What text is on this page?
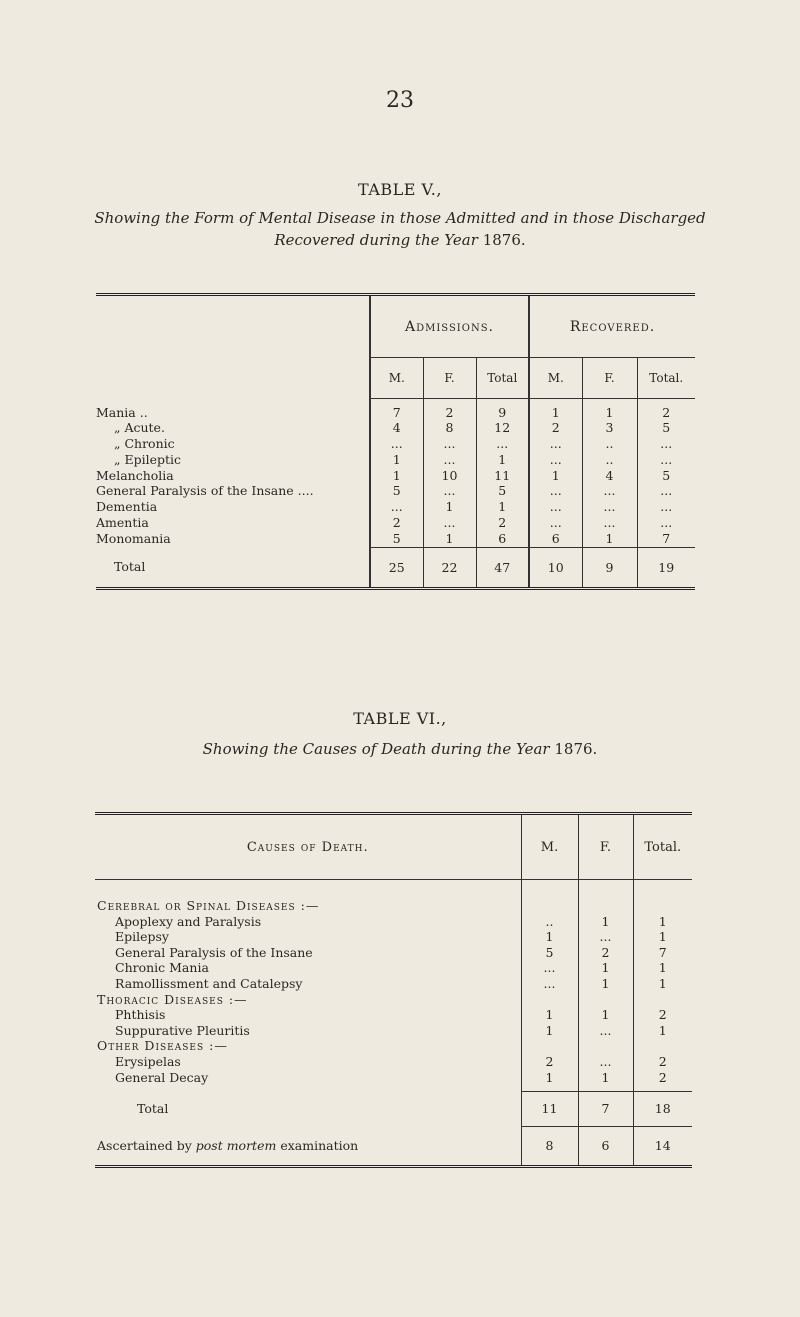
23
TABLE V.,
Showing the Form of Mental Disease in those Admitted and in those Discharged
Recovered during the Year 1876.
	Admissions.			Recovered.		
	M.	F.	Total	M.	F.	Total.

Mania ..	7	2	9	1	1	2
„ Acute.	4	8	12	2	3	5
„ Chronic	...	...	...	...	..	...
„ Epileptic	1	...	1	...	..	...
Melancholia	1	10	11	1	4	5
General Paralysis of the Insane ....	5	...	5	...	...	...
Dementia	...	1	1	...	...	...
Amentia	2	...	2	...	...	...
Monomania	5	1	6	6	1	7
Total	25	22	47	10	9	19
TABLE VI.,
Showing the Causes of Death during the Year 1876.
Causes of Death.	M.	F.	Total.

Cerebral or Spinal Diseases :—			
Apoplexy and Paralysis	..	1	1
Epilepsy	1	...	1
General Paralysis of the Insane	5	2	7
Chronic Mania	...	1	1
Ramollissment and Catalepsy	...	1	1
Thoracic Diseases :—			
Phthisis	1	1	2
Suppurative Pleuritis	1	...	1
Other Diseases :—			
Erysipelas	2	...	2
General Decay	1	1	2

Total	11	7	18
Ascertained by post mortem examination	8	6	14
